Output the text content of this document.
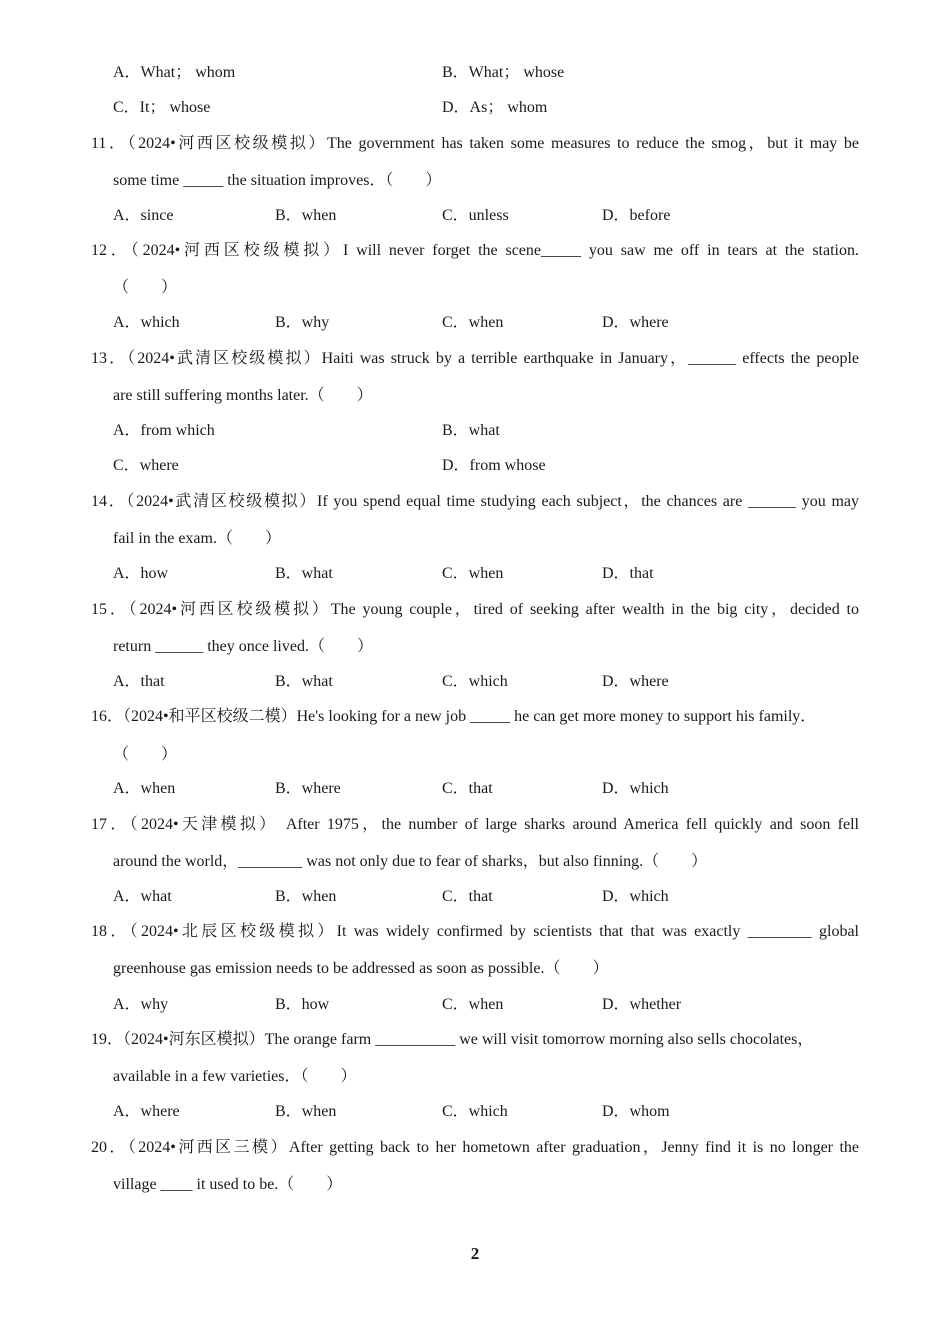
A．What； whom	B．What； whose
C．It； whose	D．As； whom
11．（2024•河西区校级模拟）The government has taken some measures to reduce the smog，but it may be
some time _____ the situation improves．（　　）
A．since	B．when	C．unless	D．before
12．（2024•河西区校级模拟）I will never forget the scene_____ you saw me off in tears at the station.
（　　）
A．which	B．why	C．when	D．where
13．（2024•武清区校级模拟）Haiti was struck by a terrible earthquake in January，______ effects the people
are still suffering months later.（　　）
A．from which	B．what
C．where	D．from whose
14．（2024•武清区校级模拟）If you spend equal time studying each subject，the chances are ______ you may
fail in the exam.（　　）
A．how	B．what	C．when	D．that
15．（2024•河西区校级模拟）The young couple，tired of seeking after wealth in the big city，decided to
return ______ they once lived.（　　）
A．that	B．what	C．which	D．where
16．（2024•和平区校级二模）He's looking for a new job _____ he can get more money to support his family．
（　　）
A．when	B．where	C．that	D．which
17．（2024•天津模拟） After 1975，the number of large sharks around America fell quickly and soon fell
around the world，________ was not only due to fear of sharks，but also finning.（　　）
A．what	B．when	C．that	D．which
18．（2024•北辰区校级模拟）It was widely confirmed by scientists that that was exactly ________ global
greenhouse gas emission needs to be addressed as soon as possible.（　　）
A．why	B．how	C．when	D．whether
19．（2024•河东区模拟）The orange farm __________ we will visit tomorrow morning also sells chocolates，
available in a few varieties．（　　）
A．where	B．when	C．which	D．whom
20．（2024•河西区三模）After getting back to her hometown after graduation，Jenny find it is no longer the
village ____ it used to be.（　　）
2
